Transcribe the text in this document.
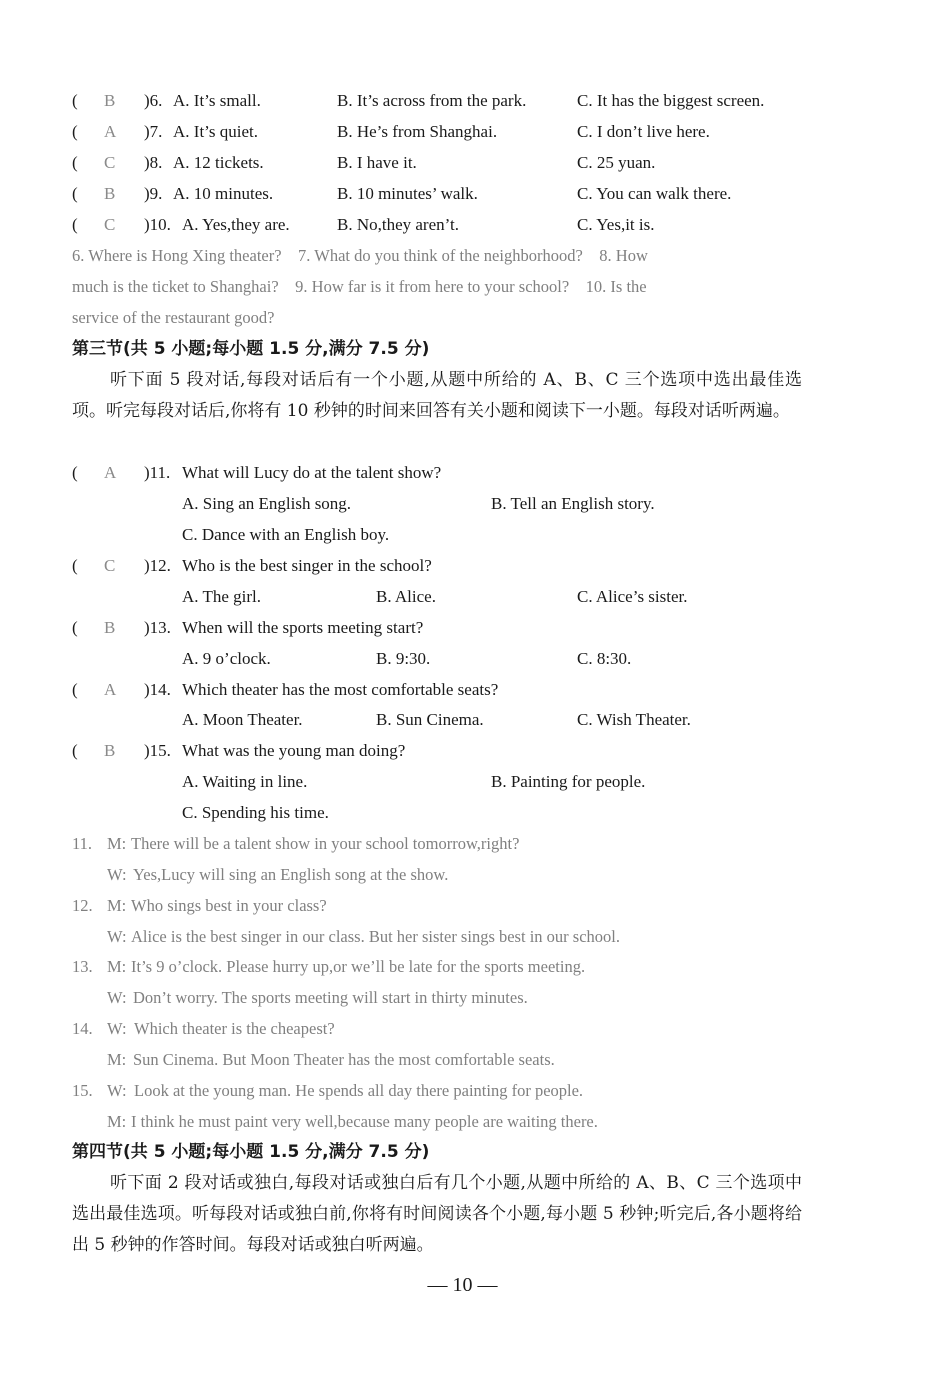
( B )6. A. It’s small.	B. It’s across from the park.	C. It has the biggest screen.
( A )7. A. It’s quiet.	B. He’s from Shanghai.	C. I don’t live here.
( C )8. A. 12 tickets.	B. I have it.	C. 25 yuan.
( B )9. A. 10 minutes.	B. 10 minutes’ walk.	C. You can walk there.
( C )10. A. Yes,they are.	B. No,they aren’t.	C. Yes,it is.
6. Where is Hong Xing theater?    7. What do you think of the neighborhood?    8. How
much is the ticket to Shanghai?    9. How far is it from here to your school?    10. Is the
service of the restaurant good?
第三节(共 5 小题;每小题 1.5 分,满分 7.5 分)
听下面 5 段对话,每段对话后有一个小题,从题中所给的 A、B、C 三个选项中选出最佳选项。听完每段对话后,你将有 10 秒钟的时间来回答有关小题和阅读下一小题。每段对话听两遍。
( A )11. What will Lucy do at the talent show?
A. Sing an English song.	B. Tell an English story.
C. Dance with an English boy.
( C )12. Who is the best singer in the school?
A. The girl.	B. Alice.	C. Alice’s sister.
( B )13. When will the sports meeting start?
A. 9 o’clock.	B. 9:30.	C. 8:30.
( A )14. Which theater has the most comfortable seats?
A. Moon Theater.	B. Sun Cinema.	C. Wish Theater.
( B )15. What was the young man doing?
A. Waiting in line.	B. Painting for people.
C. Spending his time.
11. M: There will be a talent show in your school tomorrow,right?
W: Yes,Lucy will sing an English song at the show.
12. M: Who sings best in your class?
W: Alice is the best singer in our class. But her sister sings best in our school.
13. M: It’s 9 o’clock. Please hurry up,or we’ll be late for the sports meeting.
W: Don’t worry. The sports meeting will start in thirty minutes.
14. W: Which theater is the cheapest?
M: Sun Cinema. But Moon Theater has the most comfortable seats.
15. W: Look at the young man. He spends all day there painting for people.
M: I think he must paint very well,because many people are waiting there.
第四节(共 5 小题;每小题 1.5 分,满分 7.5 分)
听下面 2 段对话或独白,每段对话或独白后有几个小题,从题中所给的 A、B、C 三个选项中选出最佳选项。听每段对话或独白前,你将有时间阅读各个小题,每小题 5 秒钟;听完后,各小题将给出 5 秒钟的作答时间。每段对话或独白听两遍。
— 10 —
